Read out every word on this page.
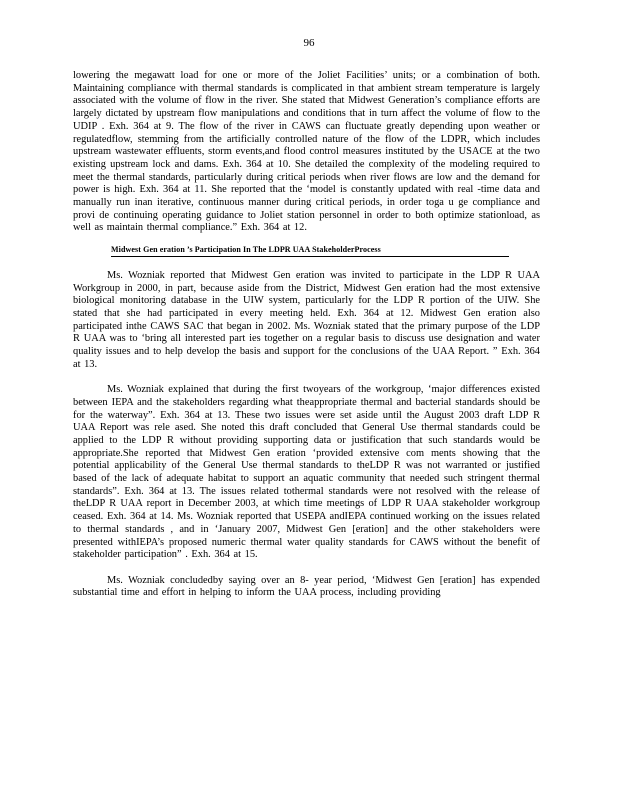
96

lowering the megawatt load for one or more of the Joliet Facilities’ units; or a combination of both. Maintaining compliance with thermal standards is complicated in that ambient stream temperature is largely associated with the volume of flow in the river. She stated that Midwest Generation’s compliance efforts are largely dictated by upstream flow manipulations and conditions that in turn affect the volume of flow to the UDIP . Exh. 364 at 9. The flow of the river in CAWS can fluctuate greatly depending upon weather or regulatedflow, stemming from the artificially controlled nature of the flow of the LDPR, which includes upstream wastewater effluents, storm events,and flood control measures instituted by the USACE at the two existing upstream lock and dams. Exh. 364 at 10. She detailed the complexity of the modeling required to meet the thermal standards, particularly during critical periods when river flows are low and the demand for power is high. Exh. 364 at 11. She reported that the ‘model is constantly updated with real -time data and manually run inan iterative, continuous manner during critical periods, in order toga u ge compliance and provi de continuing operating guidance to Joliet station personnel in order to both optimize stationload, as well as maintain thermal compliance.” Exh. 364 at 12.

Midwest Gen eration ’s Participation In The LDPR UAA StakeholderProcess

Ms. Wozniak reported that Midwest Gen eration was invited to participate in the LDP R UAA Workgroup in 2000, in part, because aside from the District, Midwest Gen eration had the most extensive biological monitoring database in the UIW system, particularly for the LDP R portion of the UIW. She stated that she had participated in every meeting held. Exh. 364 at 12. Midwest Gen eration also participated inthe CAWS SAC that began in 2002. Ms. Wozniak stated that the primary purpose of the LDP R UAA was to ‘bring all interested part ies together on a regular basis to discuss use designation and water quality issues and to help develop the basis and support for the conclusions of the UAA Report. ” Exh. 364 at 13.

Ms. Wozniak explained that during the first twoyears of the workgroup, ‘major differences existed between IEPA and the stakeholders regarding what theappropriate thermal and bacterial standards should be for the waterway”. Exh. 364 at 13. These two issues were set aside until the August 2003 draft LDP R UAA Report was rele ased. She noted this draft concluded that General Use thermal standards could be applied to the LDP R without providing supporting data or justification that such standards would be appropriate.She reported that Midwest Gen eration ‘provided extensive com ments showing that the potential applicability of the General Use thermal standards to theLDP R was not warranted or justified based of the lack of adequate habitat to support an aquatic community that needed such stringent thermal standards”. Exh. 364 at 13. The issues related tothermal standards were not resolved with the release of theLDP R UAA report in December 2003, at which time meetings of LDP R UAA stakeholder workgroup ceased. Exh. 364 at 14. Ms. Wozniak reported that USEPA andIEPA continued working on the issues related to thermal standards , and in ‘January 2007, Midwest Gen [eration] and the other stakeholders were presented withIEPA’s proposed numeric thermal water quality standards for CAWS without the benefit of stakeholder participation” . Exh. 364 at 15.

Ms. Wozniak concludedby saying over an 8- year period, ‘Midwest Gen [eration] has expended substantial time and effort in helping to inform the UAA process, including providing
